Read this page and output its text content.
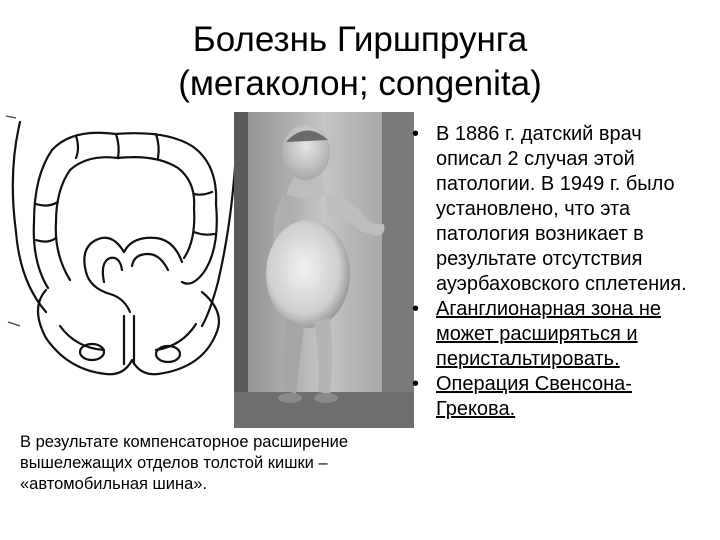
Болезнь Гиршпрунга
(мегаколон; congenita)
В результате компенсаторное расширение вышележащих отделов толстой кишки – «автомобильная шина».
• В 1886 г. датский врач описал 2 случая этой патологии. В 1949 г. было установлено, что эта патология возникает в результате отсутствия ауэрбаховского сплетения.
• Аганглионарная зона не может расширяться и перистальтировать.
• Операция Свенсона-Грекова.
